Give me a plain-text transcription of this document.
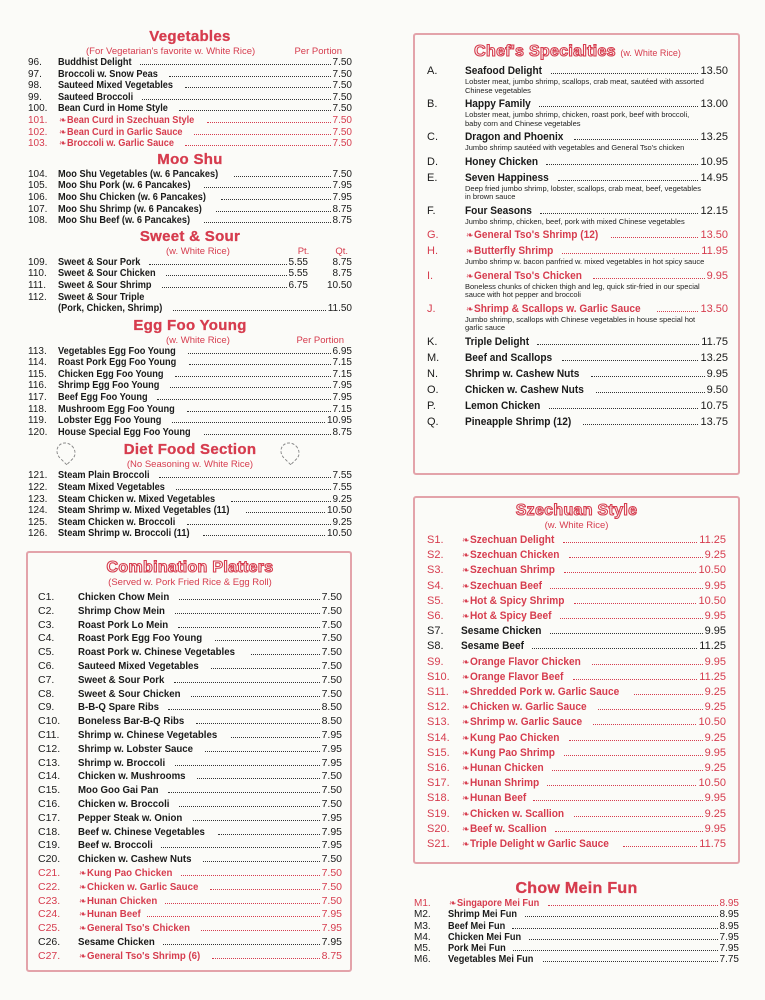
Vegetables
(For Vegetarian's favorite w. White Rice)	Per Portion
96.	Buddhist Delight	7.50
97.	Broccoli w. Snow Peas	7.50
98.	Sauteed Mixed Vegetables	7.50
99.	Sauteed Broccoli	7.50
100.	Bean Curd in Home Style	7.50
101.	❧ Bean Curd in Szechuan Style	7.50
102.	❧ Bean Curd in Garlic Sauce	7.50
103.	❧ Broccoli w. Garlic Sauce	7.50
Moo Shu
104.	Moo Shu Vegetables (w. 6 Pancakes)	7.50
105.	Moo Shu Pork (w. 6 Pancakes)	7.95
106.	Moo Shu Chicken (w. 6 Pancakes)	7.95
107.	Moo Shu Shrimp (w. 6 Pancakes)	8.75
108.	Moo Shu Beef (w. 6 Pancakes)	8.75
Sweet & Sour
(w. White Rice)	Pt.	Qt.
109.	Sweet & Sour Pork	5.55	8.75
110.	Sweet & Sour Chicken	5.55	8.75
111.	Sweet & Sour Shrimp	6.75	10.50
112.	Sweet & Sour Triple
(Pork, Chicken, Shrimp)	11.50
Egg Foo Young
(w. White Rice)	Per Portion
113.	Vegetables Egg Foo Young	6.95
114.	Roast Pork Egg Foo Young	7.15
115.	Chicken Egg Foo Young	7.15
116.	Shrimp Egg Foo Young	7.95
117.	Beef Egg Foo Young	7.95
118.	Mushroom Egg Foo Young	7.15
119.	Lobster Egg Foo Young	10.95
120.	House Special Egg Foo Young	8.75
Diet Food Section
(No Seasoning w. White Rice)
121.	Steam Plain Broccoli	7.55
122.	Steam Mixed Vegetables	7.55
123.	Steam Chicken w. Mixed Vegetables	9.25
124.	Steam Shrimp w. Mixed Vegetables (11)	10.50
125.	Steam Chicken w. Broccoli	9.25
126.	Steam Shrimp w. Broccoli (11)	10.50
Combination Platters
(Served w. Pork Fried Rice & Egg Roll)
C1.	Chicken Chow Mein	7.50
C2.	Shrimp Chow Mein	7.50
C3.	Roast Pork Lo Mein	7.50
C4.	Roast Pork Egg Foo Young	7.50
C5.	Roast Pork w. Chinese Vegetables	7.50
C6.	Sauteed Mixed Vegetables	7.50
C7.	Sweet & Sour Pork	7.50
C8.	Sweet & Sour Chicken	7.50
C9.	B-B-Q Spare Ribs	8.50
C10.	Boneless Bar-B-Q Ribs	8.50
C11.	Shrimp w. Chinese Vegetables	7.95
C12.	Shrimp w. Lobster Sauce	7.95
C13.	Shrimp w. Broccoli	7.95
C14.	Chicken w. Mushrooms	7.50
C15.	Moo Goo Gai Pan	7.50
C16.	Chicken w. Broccoli	7.50
C17.	Pepper Steak w. Onion	7.95
C18.	Beef w. Chinese Vegetables	7.95
C19.	Beef w. Broccoli	7.95
C20.	Chicken w. Cashew Nuts	7.50
C21.	❧ Kung Pao Chicken	7.50
C22.	❧ Chicken w. Garlic Sauce	7.50
C23.	❧ Hunan Chicken	7.50
C24.	❧ Hunan Beef	7.95
C25.	❧ General Tso's Chicken	7.95
C26.	Sesame Chicken	7.95
C27.	❧ General Tso's Shrimp (6)	8.75
Chef's Specialties (w. White Rice)
A.	Seafood Delight	13.50
Lobster meat, jumbo shrimp, scallops, crab meat, sautéed with assorted Chinese vegetables
B.	Happy Family	13.00
Lobster meat, jumbo shrimp, chicken, roast pork, beef with broccoli, baby corn and Chinese vegetables
C.	Dragon and Phoenix	13.25
Jumbo shrimp sautéed with vegetables and General Tso's chicken
D.	Honey Chicken	10.95
E.	Seven Happiness	14.95
Deep fried jumbo shrimp, lobster, scallops, crab meat, beef, vegetables in brown sauce
F.	Four Seasons	12.15
Jumbo shrimp, chicken, beef, pork with mixed Chinese vegetables
G.	❧ General Tso's Shrimp (12)	13.50
H.	❧ Butterfly Shrimp	11.95
Jumbo shrimp w. bacon panfried w. mixed vegetables in hot spicy sauce
I.	❧ General Tso's Chicken	9.95
Boneless chunks of chicken thigh and leg, quick stir-fried in our special sauce with hot pepper and broccoli
J.	❧ Shrimp & Scallops w. Garlic Sauce	13.50
Jumbo shrimp, scallops with Chinese vegetables in house special hot garlic sauce
K.	Triple Delight	11.75
M.	Beef and Scallops	13.25
N.	Shrimp w. Cashew Nuts	9.95
O.	Chicken w. Cashew Nuts	9.50
P.	Lemon Chicken	10.75
Q.	Pineapple Shrimp (12)	13.75
Szechuan Style
(w. White Rice)
S1.	❧ Szechuan Delight	11.25
S2.	❧ Szechuan Chicken	9.25
S3.	❧ Szechuan Shrimp	10.50
S4.	❧ Szechuan Beef	9.95
S5.	❧ Hot & Spicy Shrimp	10.50
S6.	❧ Hot & Spicy Beef	9.95
S7.	Sesame Chicken	9.95
S8.	Sesame Beef	11.25
S9.	❧ Orange Flavor Chicken	9.95
S10.	❧ Orange Flavor Beef	11.25
S11.	❧ Shredded Pork w. Garlic Sauce	9.25
S12.	❧ Chicken w. Garlic Sauce	9.25
S13.	❧ Shrimp w. Garlic Sauce	10.50
S14.	❧ Kung Pao Chicken	9.25
S15.	❧ Kung Pao Shrimp	9.95
S16.	❧ Hunan Chicken	9.25
S17.	❧ Hunan Shrimp	10.50
S18.	❧ Hunan Beef	9.95
S19.	❧ Chicken w. Scallion	9.25
S20.	❧ Beef w. Scallion	9.95
S21.	❧ Triple Delight w Garlic Sauce	11.75
Chow Mein Fun
M1.	❧ Singapore Mei Fun	8.95
M2.	Shrimp Mei Fun	8.95
M3.	Beef Mei Fun	8.95
M4.	Chicken Mei Fun	7.95
M5.	Pork Mei Fun	7.95
M6.	Vegetables Mei Fun	7.75
